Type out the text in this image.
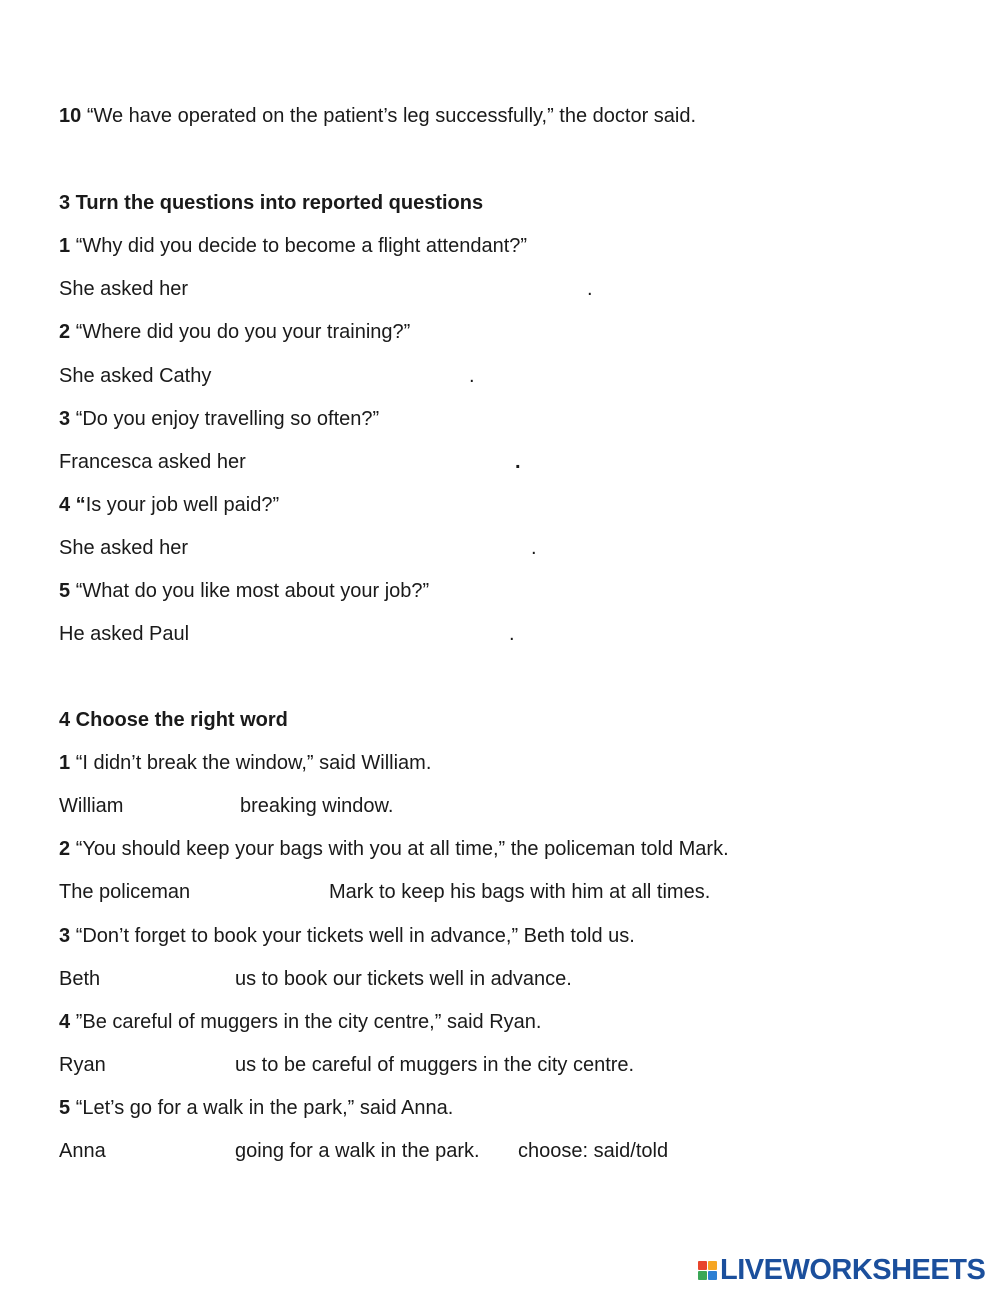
10 “We have operated on the patient’s leg successfully,” the doctor said.
3 Turn the questions into reported questions
1 “Why did you decide to become a flight attendant?”
She asked her	.
2 “Where did you do you your training?”
She asked Cathy	.
3 “Do you enjoy travelling so often?”
Francesca asked her	.
4 “Is your job well paid?”
She asked her	.
5 “What do you like most about your job?”
He asked Paul	.
4 Choose the right word
1 “I didn’t break the window,” said William.
William	breaking window.
2 “You should keep your bags with you at all time,” the policeman told Mark.
The policeman	Mark to keep his bags with him at all times.
3 “Don’t forget to book your tickets well in advance,” Beth told us.
Beth	us to book our tickets well in advance.
4 ”Be careful of muggers in the city centre,” said Ryan.
Ryan	us to be careful of muggers in the city centre.
5 “Let’s go for a walk in the park,” said Anna.
Anna	going for a walk in the park. choose: said/told
LIVEWORKSHEETS
